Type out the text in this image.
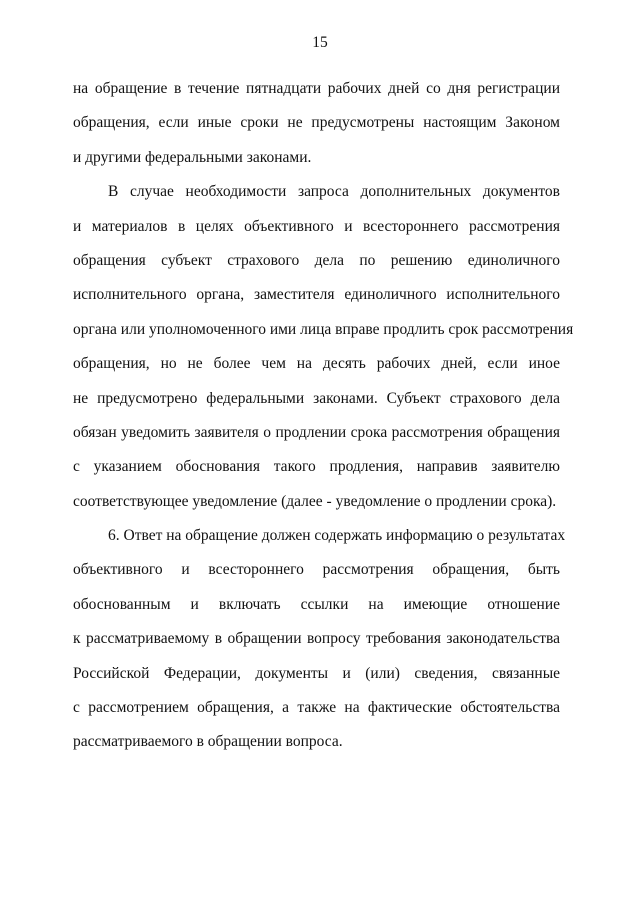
15
на обращение в течение пятнадцати рабочих дней со дня регистрации
обращения, если иные сроки не предусмотрены настоящим Законом
и другими федеральными законами.
В случае необходимости запроса дополнительных документов
и материалов в целях объективного и всестороннего рассмотрения
обращения субъект страхового дела по решению единоличного
исполнительного органа, заместителя единоличного исполнительного
органа или уполномоченного ими лица вправе продлить срок рассмотрения
обращения, но не более чем на десять рабочих дней, если иное
не предусмотрено федеральными законами. Субъект страхового дела
обязан уведомить заявителя о продлении срока рассмотрения обращения
с указанием обоснования такого продления, направив заявителю
соответствующее уведомление (далее - уведомление о продлении срока).
6. Ответ на обращение должен содержать информацию о результатах
объективного и всестороннего рассмотрения обращения, быть
обоснованным и включать ссылки на имеющие отношение
к рассматриваемому в обращении вопросу требования законодательства
Российской Федерации, документы и (или) сведения, связанные
с рассмотрением обращения, а также на фактические обстоятельства
рассматриваемого в обращении вопроса.
